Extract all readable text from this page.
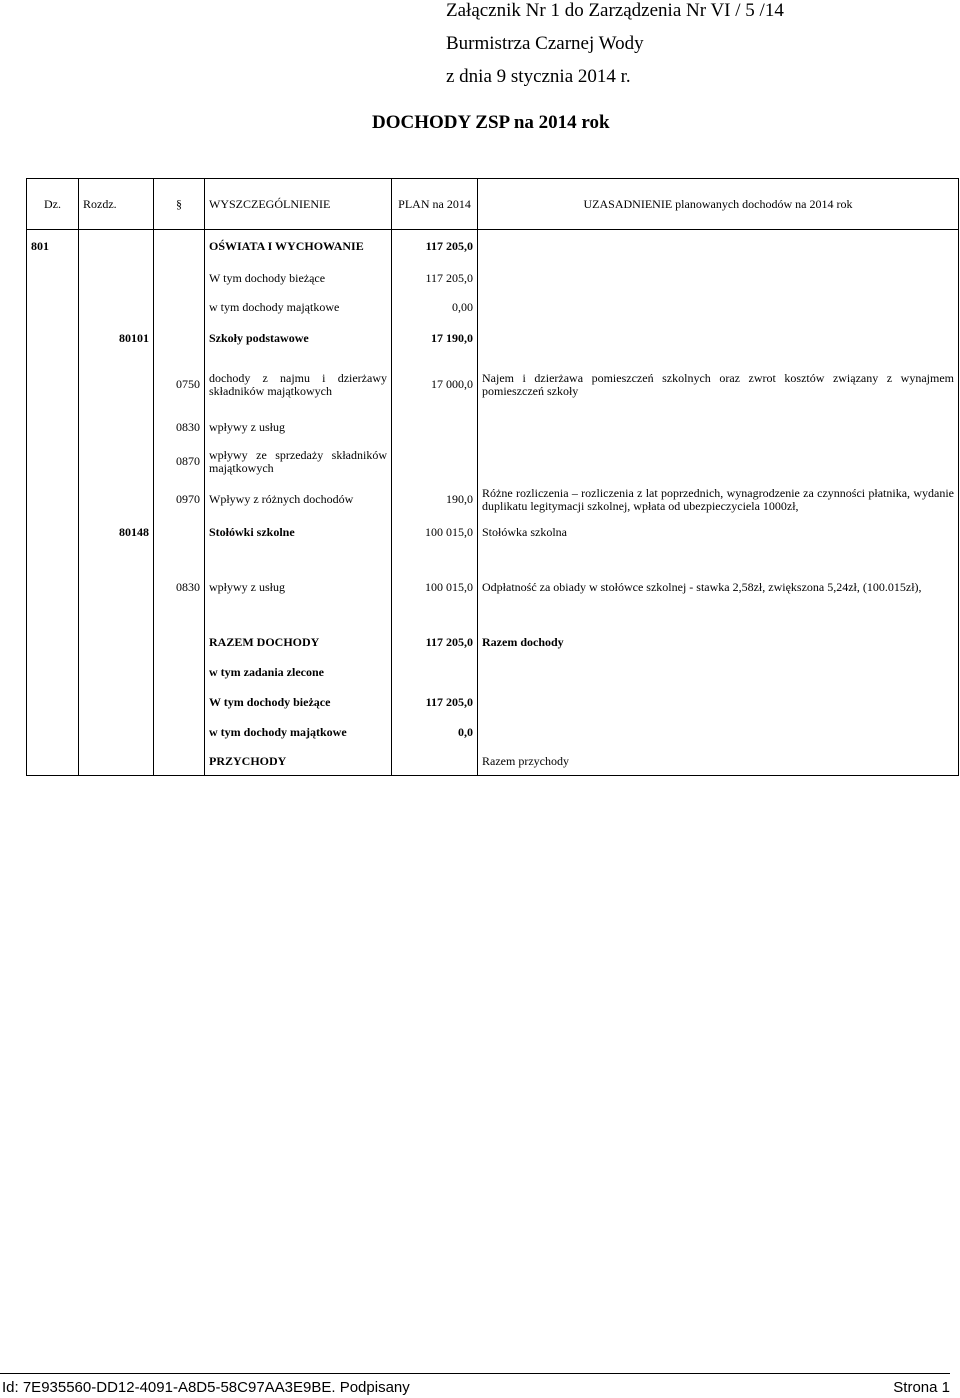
Załącznik Nr 1 do Zarządzenia Nr VI / 5 /14
Burmistrza Czarnej Wody
z dnia 9 stycznia 2014 r.
DOCHODY ZSP na 2014 rok
Dz.	Rozdz.	§	WYSZCZEGÓLNIENIE	PLAN na 2014	UZASADNIENIE planowanych dochodów na 2014 rok
801			OŚWIATA I WYCHOWANIE	117 205,0	
			W tym dochody bieżące	117 205,0	
			w tym dochody majątkowe	0,00	
	80101		Szkoły podstawowe	17 190,0	
		0750	dochody z najmu i dzierżawy składników majątkowych	17 000,0	Najem i dzierżawa pomieszczeń szkolnych oraz zwrot kosztów związany z wynajmem pomieszczeń szkoły
		0830	wpływy z usług		
		0870	wpływy ze sprzedaży składników majątkowych		
		0970	Wpływy z różnych dochodów	190,0	Różne rozliczenia – rozliczenia z lat poprzednich, wynagrodzenie za czynności płatnika, wydanie duplikatu legitymacji szkolnej, wpłata od ubezpieczyciela 1000zł,
	80148		Stołówki szkolne	100 015,0	Stołówka szkolna
		0830	wpływy z usług	100 015,0	Odpłatność za obiady w stołówce szkolnej - stawka 2,58zł, zwiększona 5,24zł, (100.015zł),
			RAZEM DOCHODY	117 205,0	Razem dochody
			w tym zadania zlecone		
			W tym dochody bieżące	117 205,0	
			w tym dochody majątkowe	0,0	
			PRZYCHODY		Razem przychody
Id: 7E935560-DD12-4091-A8D5-58C97AA3E9BE. Podpisany	Strona 1
